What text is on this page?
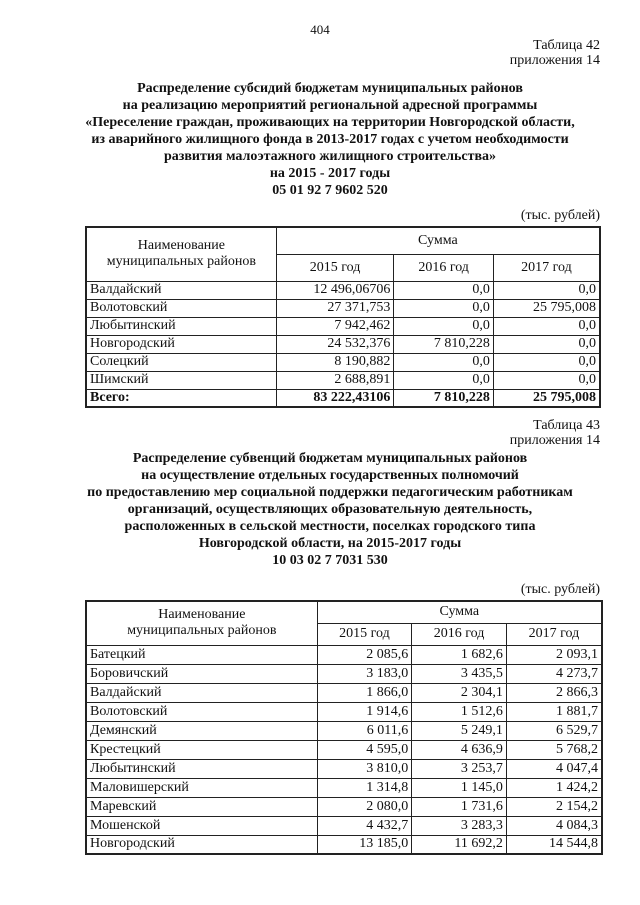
404
Таблица 42
приложения 14
Распределение субсидий бюджетам муниципальных районов
на реализацию мероприятий региональной адресной программы
«Переселение граждан, проживающих на территории Новгородской области,
из аварийного жилищного фонда в 2013-2017 годах с учетом необходимости
развития малоэтажного жилищного строительства»
на 2015 - 2017 годы
05 01 92 7 9602 520
(тыс. рублей)
Наименование
муниципальных районов	Сумма		
	2015 год	2016 год	2017 год
Валдайский	12 496,06706	0,0	0,0
Волотовский	27 371,753	0,0	25 795,008
Любытинский	7 942,462	0,0	0,0
Новгородский	24 532,376	7 810,228	0,0
Солецкий	8 190,882	0,0	0,0
Шимский	2 688,891	0,0	0,0
Всего:	83 222,43106	7 810,228	25 795,008
Таблица 43
приложения 14
Распределение субвенций бюджетам муниципальных районов
на осуществление отдельных государственных полномочий
по предоставлению мер социальной поддержки педагогическим работникам
организаций, осуществляющих образовательную деятельность,
расположенных в сельской местности, поселках городского типа
Новгородской области, на 2015-2017 годы
10 03 02 7 7031 530
(тыс. рублей)
Наименование
муниципальных районов	Сумма		
	2015 год	2016 год	2017 год
Батецкий	2 085,6	1 682,6	2 093,1
Боровичский	3 183,0	3 435,5	4 273,7
Валдайский	1 866,0	2 304,1	2 866,3
Волотовский	1 914,6	1 512,6	1 881,7
Демянский	6 011,6	5 249,1	6 529,7
Крестецкий	4 595,0	4 636,9	5 768,2
Любытинский	3 810,0	3 253,7	4 047,4
Маловишерский	1 314,8	1 145,0	1 424,2
Маревский	2 080,0	1 731,6	2 154,2
Мошенской	4 432,7	3 283,3	4 084,3
Новгородский	13 185,0	11 692,2	14 544,8
